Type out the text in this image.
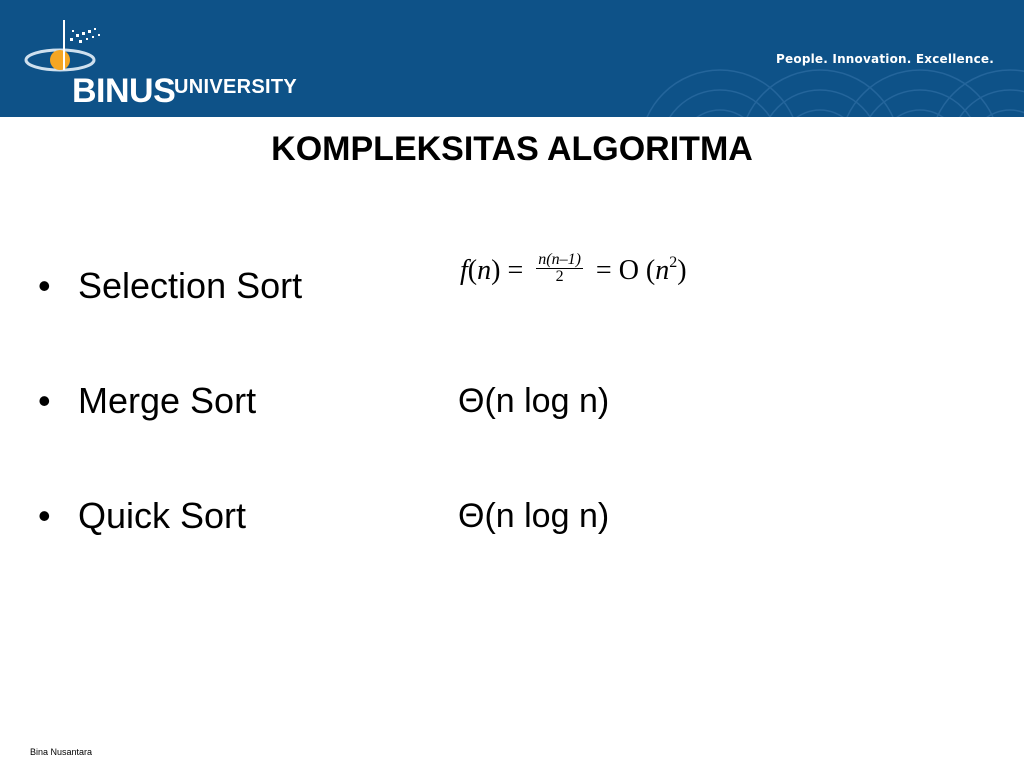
BINUS
UNIVERSITY
People. Innovation. Excellence.
KOMPLEKSITAS ALGORITMA
• Selection Sort	$f(n) = \frac{n(n-1)}{2} = O$ $(n^2)$
• Merge Sort	Θ(n log n)
• Quick Sort	Θ(n log n)
Bina Nusantara
